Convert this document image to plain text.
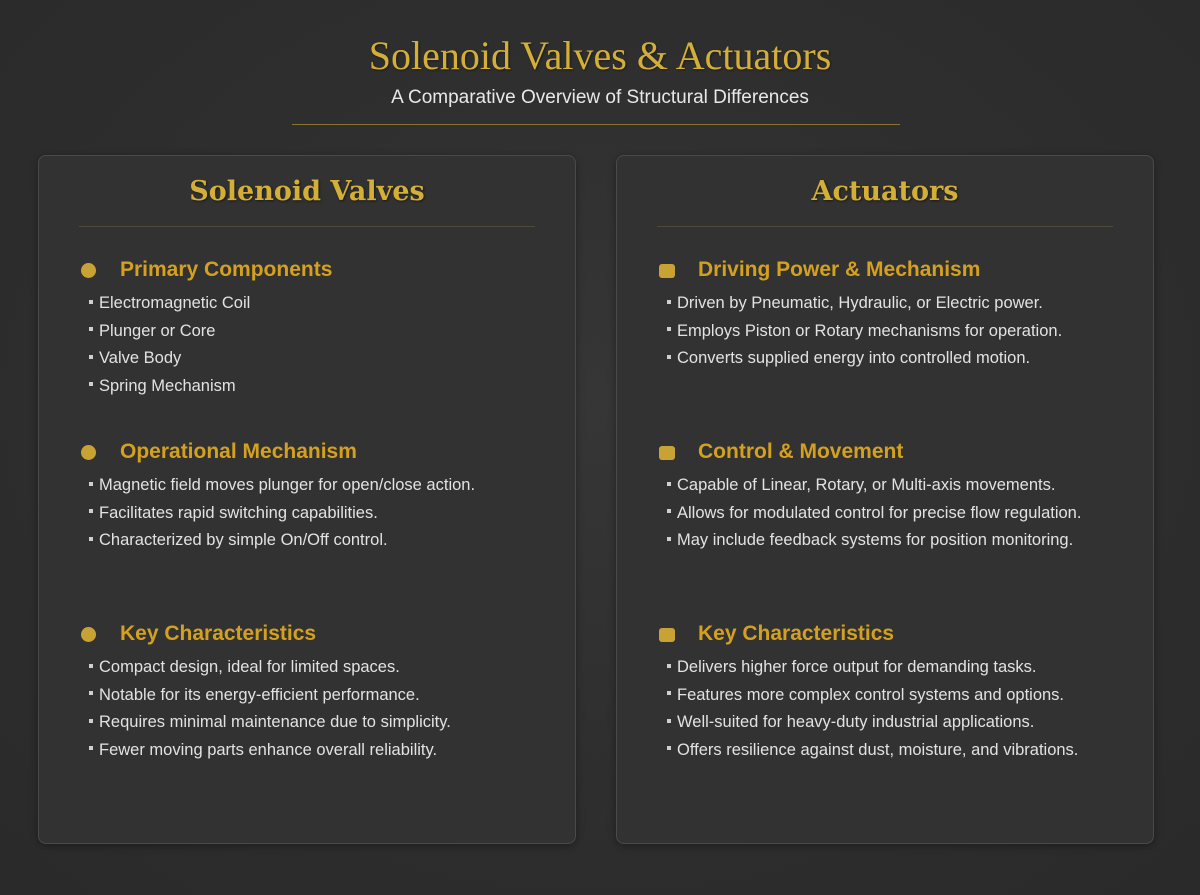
Solenoid Valves & Actuators
A Comparative Overview of Structural Differences
Solenoid Valves
Primary Components
Electromagnetic Coil
Plunger or Core
Valve Body
Spring Mechanism
Operational Mechanism
Magnetic field moves plunger for open/close action.
Facilitates rapid switching capabilities.
Characterized by simple On/Off control.
Key Characteristics
Compact design, ideal for limited spaces.
Notable for its energy-efficient performance.
Requires minimal maintenance due to simplicity.
Fewer moving parts enhance overall reliability.
Actuators
Driving Power & Mechanism
Driven by Pneumatic, Hydraulic, or Electric power.
Employs Piston or Rotary mechanisms for operation.
Converts supplied energy into controlled motion.
Control & Movement
Capable of Linear, Rotary, or Multi-axis movements.
Allows for modulated control for precise flow regulation.
May include feedback systems for position monitoring.
Key Characteristics
Delivers higher force output for demanding tasks.
Features more complex control systems and options.
Well-suited for heavy-duty industrial applications.
Offers resilience against dust, moisture, and vibrations.
